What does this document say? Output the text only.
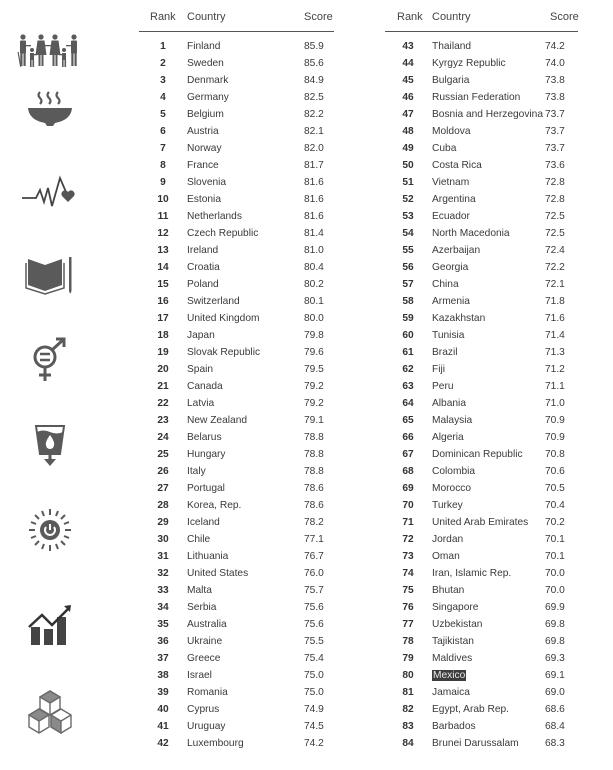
Rank Country	Score
1	Finland	85.9
2	Sweden	85.6
3	Denmark	84.9
4	Germany	82.5
5	Belgium	82.2
6	Austria	82.1
7	Norway	82.0
8	France	81.7
9	Slovenia	81.6
10	Estonia	81.6
11	Netherlands	81.6
12	Czech Republic	81.4
13	Ireland	81.0
14	Croatia	80.4
15	Poland	80.2
16	Switzerland	80.1
17	United Kingdom	80.0
18	Japan	79.8
19	Slovak Republic	79.6
20	Spain	79.5
21	Canada	79.2
22	Latvia	79.2
23	New Zealand	79.1
24	Belarus	78.8
25	Hungary	78.8
26	Italy	78.8
27	Portugal	78.6
28	Korea, Rep.	78.6
29	Iceland	78.2
30	Chile	77.1
31	Lithuania	76.7
32	United States	76.0
33	Malta	75.7
34	Serbia	75.6
35	Australia	75.6
36	Ukraine	75.5
37	Greece	75.4
38	Israel	75.0
39	Romania	75.0
40	Cyprus	74.9
41	Uruguay	74.5
42	Luxembourg	74.2
Rank Country	Score
43	Thailand	74.2
44	Kyrgyz Republic	74.0
45	Bulgaria	73.8
46	Russian Federation 73.8
47	Bosnia and Herzegovina 73.7
48	Moldova	73.7
49	Cuba	73.7
50	Costa Rica	73.6
51	Vietnam	72.8
52	Argentina	72.8
53	Ecuador	72.5
54	North Macedonia	72.5
55	Azerbaijan	72.4
56	Georgia	72.2
57	China	72.1
58	Armenia	71.8
59	Kazakhstan	71.6
60	Tunisia	71.4
61	Brazil	71.3
62	Fiji	71.2
63	Peru	71.1
64	Albania	71.0
65	Malaysia	70.9
66	Algeria	70.9
67	Dominican Republic 70.8
68	Colombia	70.6
69	Morocco	70.5
70	Turkey	70.4
71	United Arab Emirates 70.2
72	Jordan	70.1
73	Oman	70.1
74	Iran, Islamic Rep.	70.0
75	Bhutan	70.0
76	Singapore	69.9
77	Uzbekistan	69.8
78	Tajikistan	69.8
79	Maldives	69.3
80	Mexico	69.1
81	Jamaica	69.0
82	Egypt, Arab Rep.	68.6
83	Barbados	68.4
84	Brunei Darussalam	68.3
